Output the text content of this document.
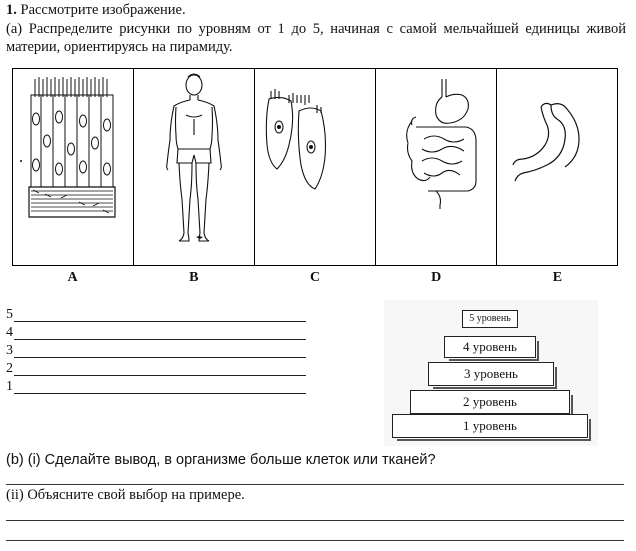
1. Рассмотрите изображение.
(a) Распределите рисунки по уровням от 1 до 5, начиная с самой мельчайшей единицы живой материи, ориентируясь на пирамиду.
A	B	C	D	E
5
4
3
2
1
5 уровень
4 уровень
3 уровень
2 уровень
1 уровень
(b) (i) Сделайте вывод, в организме больше клеток или тканей?
(ii) Объясните свой выбор на примере.
